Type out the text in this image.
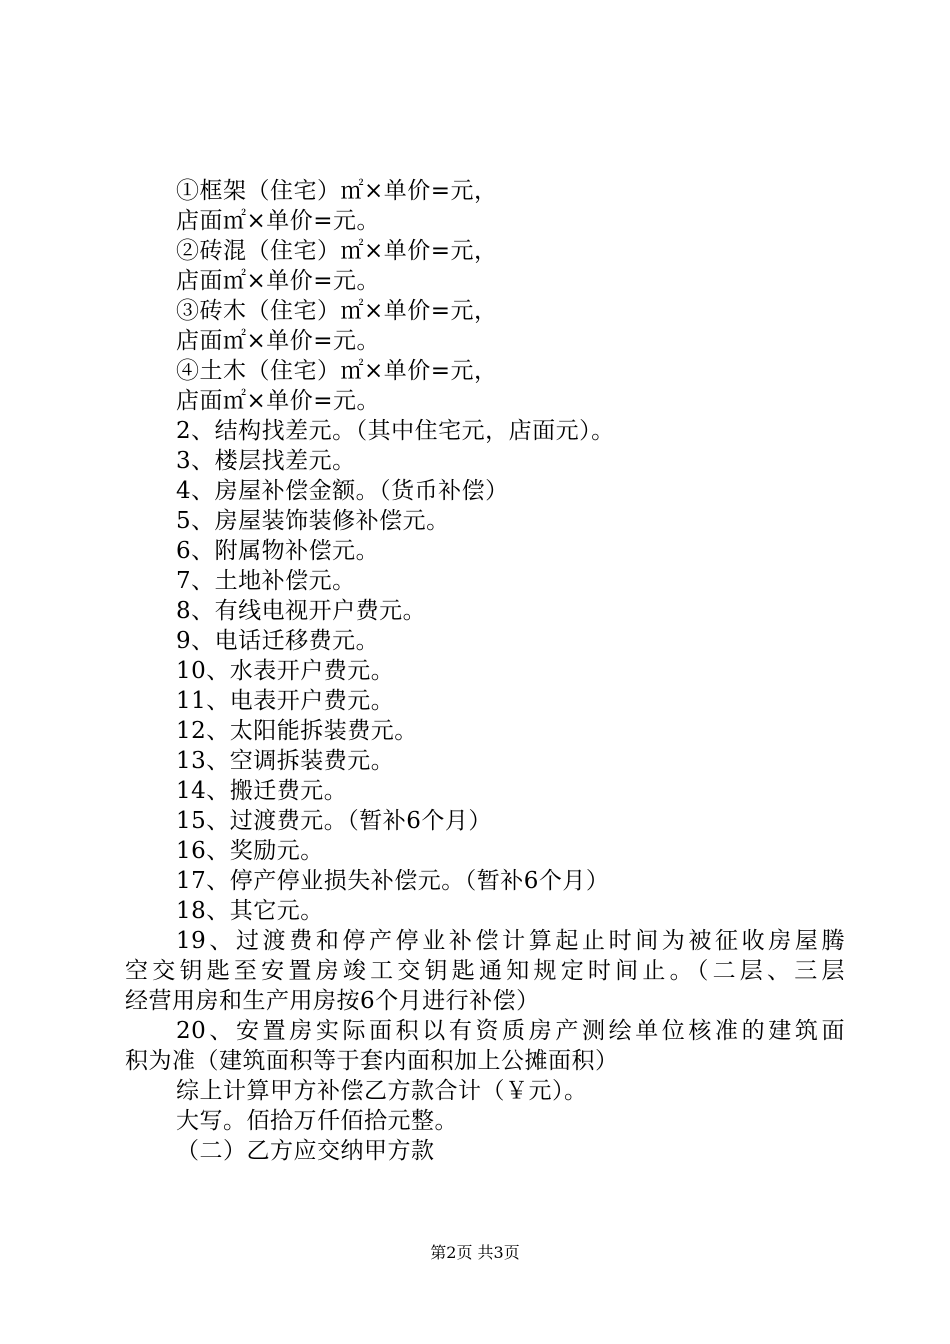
①框架（住宅）㎡×单价=元，
店面㎡×单价=元。
②砖混（住宅）㎡×单价=元，
店面㎡×单价=元。
③砖木（住宅）㎡×单价=元，
店面㎡×单价=元。
④土木（住宅）㎡×单价=元，
店面㎡×单价=元。
2、结构找差元。（其中住宅元，店面元）。
3、楼层找差元。
4、房屋补偿金额。（货币补偿）
5、房屋装饰装修补偿元。
6、附属物补偿元。
7、土地补偿元。
8、有线电视开户费元。
9、电话迁移费元。
10、水表开户费元。
11、电表开户费元。
12、太阳能拆装费元。
13、空调拆装费元。
14、搬迁费元。
15、过渡费元。（暂补6个月）
16、奖励元。
17、停产停业损失补偿元。（暂补6个月）
18、其它元。
19、过渡费和停产停业补偿计算起止时间为被征收房屋腾
空交钥匙至安置房竣工交钥匙通知规定时间止。（二层、三层
经营用房和生产用房按6个月进行补偿）
20、安置房实际面积以有资质房产测绘单位核准的建筑面
积为准（建筑面积等于套内面积加上公摊面积）
综上计算甲方补偿乙方款合计（￥元）。
大写。佰拾万仟佰拾元整。
（二）乙方应交纳甲方款
第2页 共3页
